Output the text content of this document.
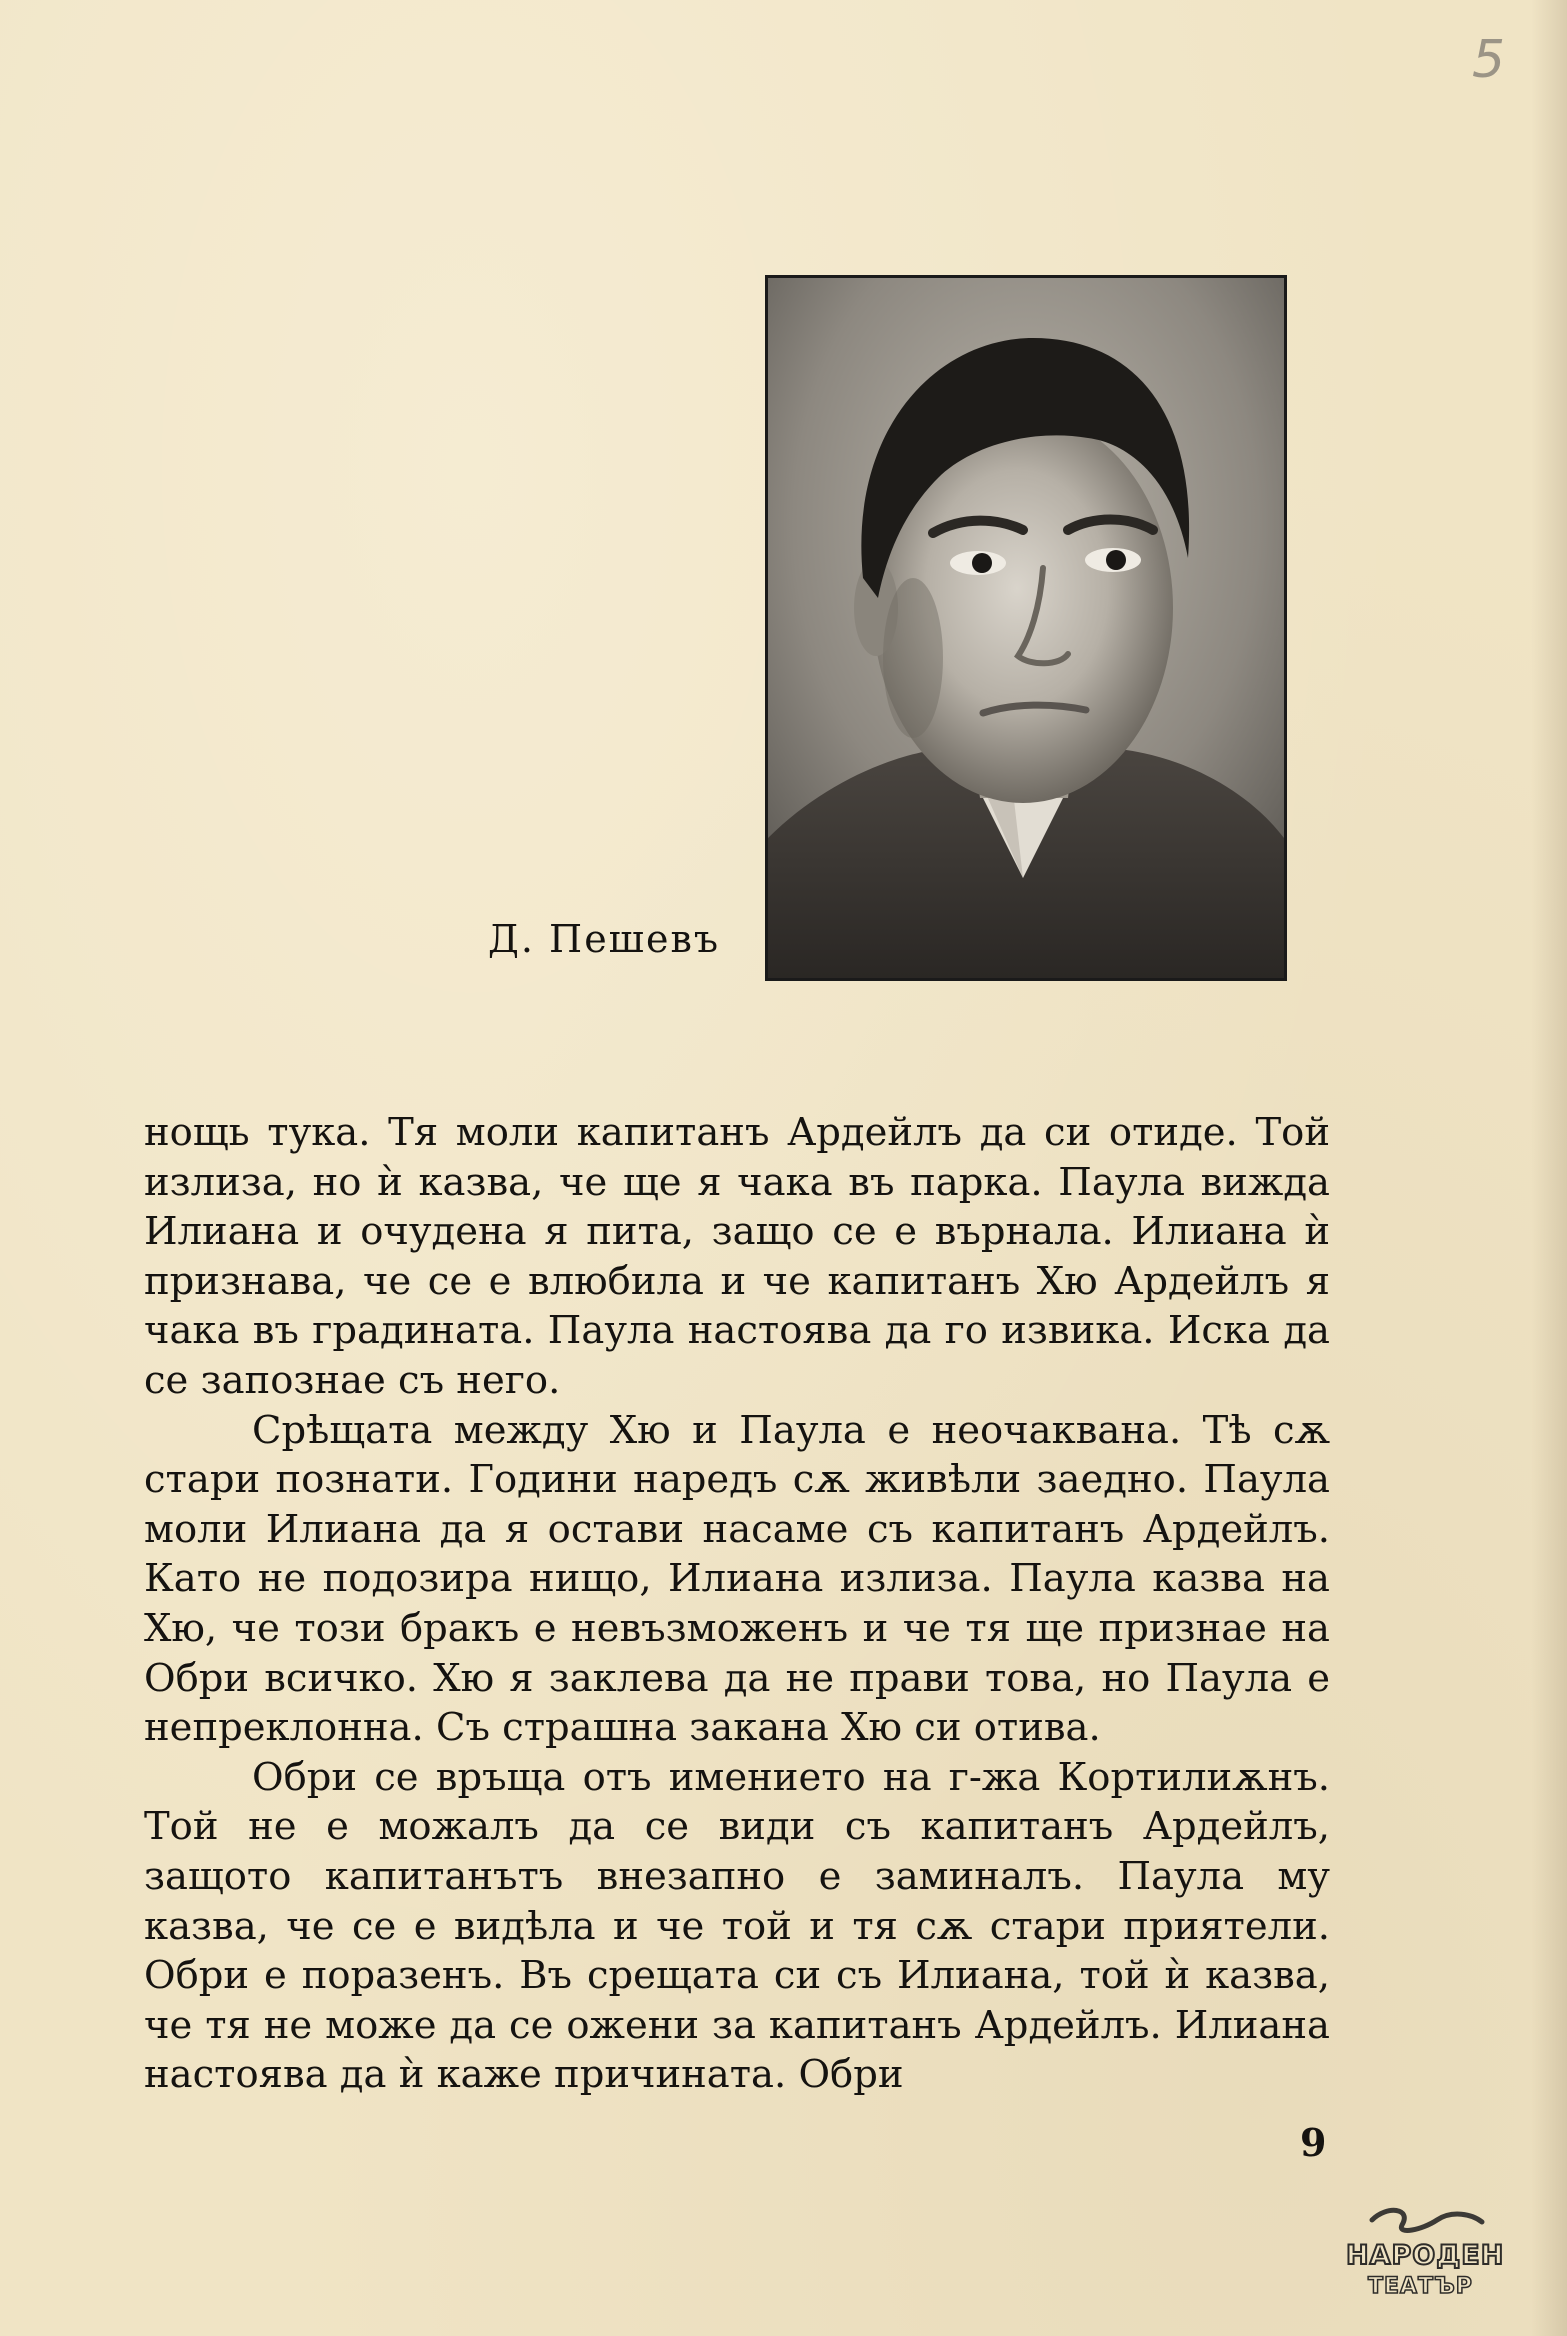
5
Д. Пешевъ

нощь тука. Тя моли капитанъ Ардейлъ да си отиде. Той излиза, но ѝ казва, че ще я чака въ парка. Паула вижда Илиана и очудена я пита, защо се е върнала. Илиана ѝ признава, че се е влюбила и че капитанъ Хю Ардейлъ я чака въ градината. Паула настоява да го извика. Иска да се запознае съ него.

Срѣщата между Хю и Паула е неочаквана. Тѣ сѫ стари познати. Години наредъ сѫ живѣли заедно. Паула моли Илиана да я остави насаме съ капитанъ Ардейлъ. Като не подозира нищо, Илиана излиза. Паула казва на Хю, че този бракъ е невъзможенъ и че тя ще признае на Обри всичко. Хю я заклева да не прави това, но Паула е непреклонна. Съ страшна закана Хю си отива.

Обри се връща отъ имението на г-жа Кортилиѫнъ. Той не е можалъ да се види съ капитанъ Ардейлъ, защото капитанътъ внезапно е заминалъ. Паула му казва, че се е видѣла и че той и тя сѫ стари приятели. Обри е поразенъ. Въ срещата си съ Илиана, той ѝ казва, че тя не може да се ожени за капитанъ Ардейлъ. Илиана настоява да ѝ каже причината. Обри

9
НАРОДЕН
ТЕАТЪР
